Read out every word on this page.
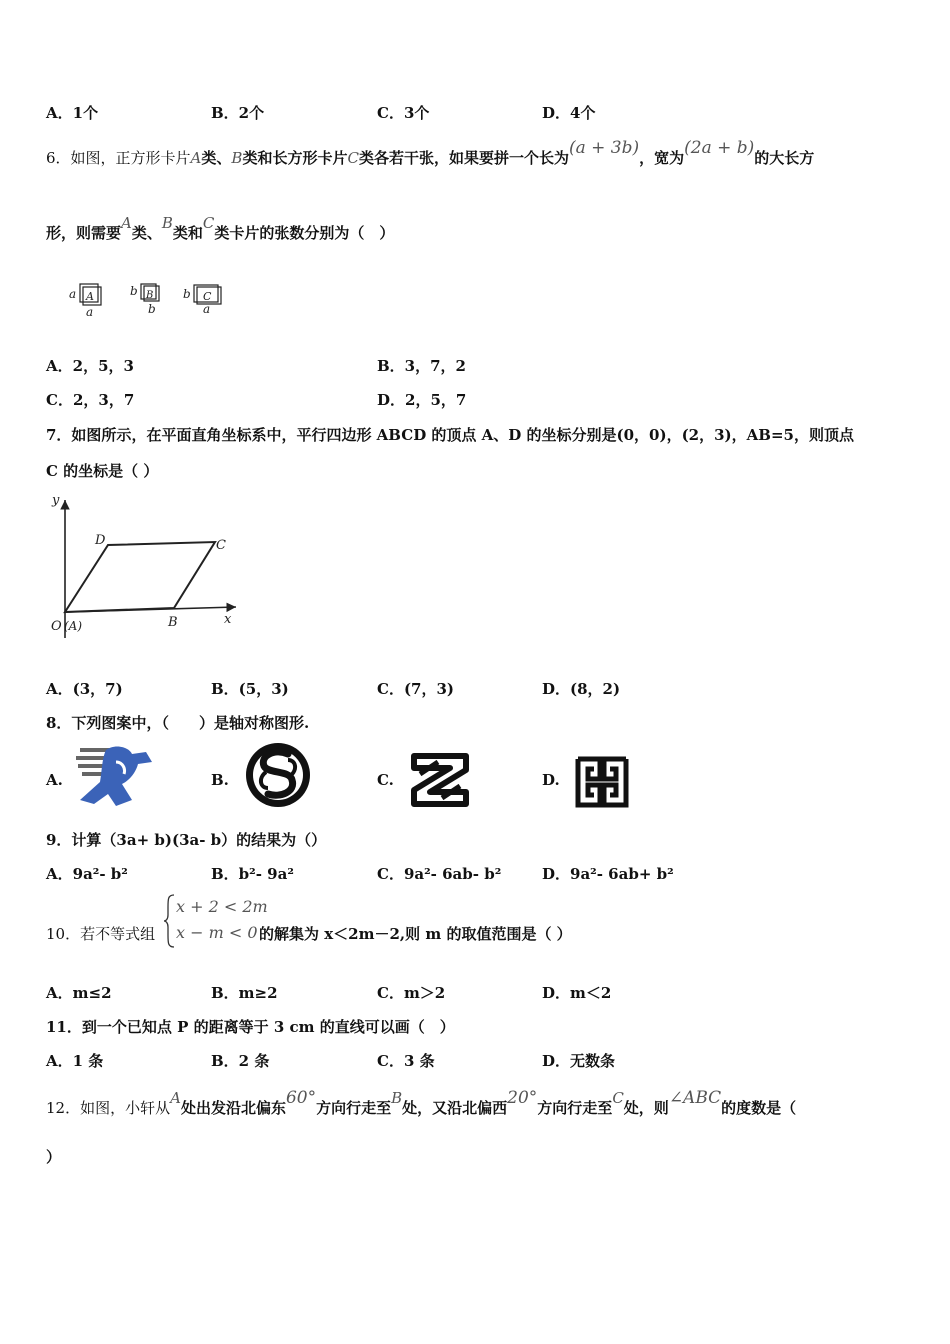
A．1个	B．2个	C．3个	D．4个
6．如图，正方形卡片A类、B类和长方形卡片C类各若干张，如果要拼一个长为(a + 3b)，宽为(2a + b)的大长方
形，则需要A类、B类和C类卡片的张数分别为（　）
a A
a
b B
b
b C
a
A．2，5，3	B．3，7，2
C．2，3，7	D．2，5，7
7．如图所示，在平面直角坐标系中，平行四边形 ABCD 的顶点 A、D 的坐标分别是(0，0)，(2，3)，AB=5，则顶点
C 的坐标是（ ）
y
x
D	C
B
O (A)
A．(3，7)	B．(5，3)	C．(7，3)	D．(8，2)
8．下列图案中，（　　）是轴对称图形.
A.	B.	C.	D.
9．计算（3a+ b)(3a- b）的结果为（）
A．9a²- b²	B．b²- 9a²	C．9a²- 6ab- b²	D．9a²- 6ab+ b²
10．若不等式组
x + 2 < 2m
x − m < 0 的解集为 x＜2m－2,则 m 的取值范围是（ ）
A．m≤2	B．m≥2	C．m＞2	D．m＜2
11．到一个已知点 P 的距离等于 3 cm 的直线可以画（　）
A．1 条	B．2 条	C．3 条	D．无数条
12．如图，小轩从A处出发沿北偏东60°方向行走至B处，又沿北偏西20°方向行走至C处，则∠ABC的度数是（
）
